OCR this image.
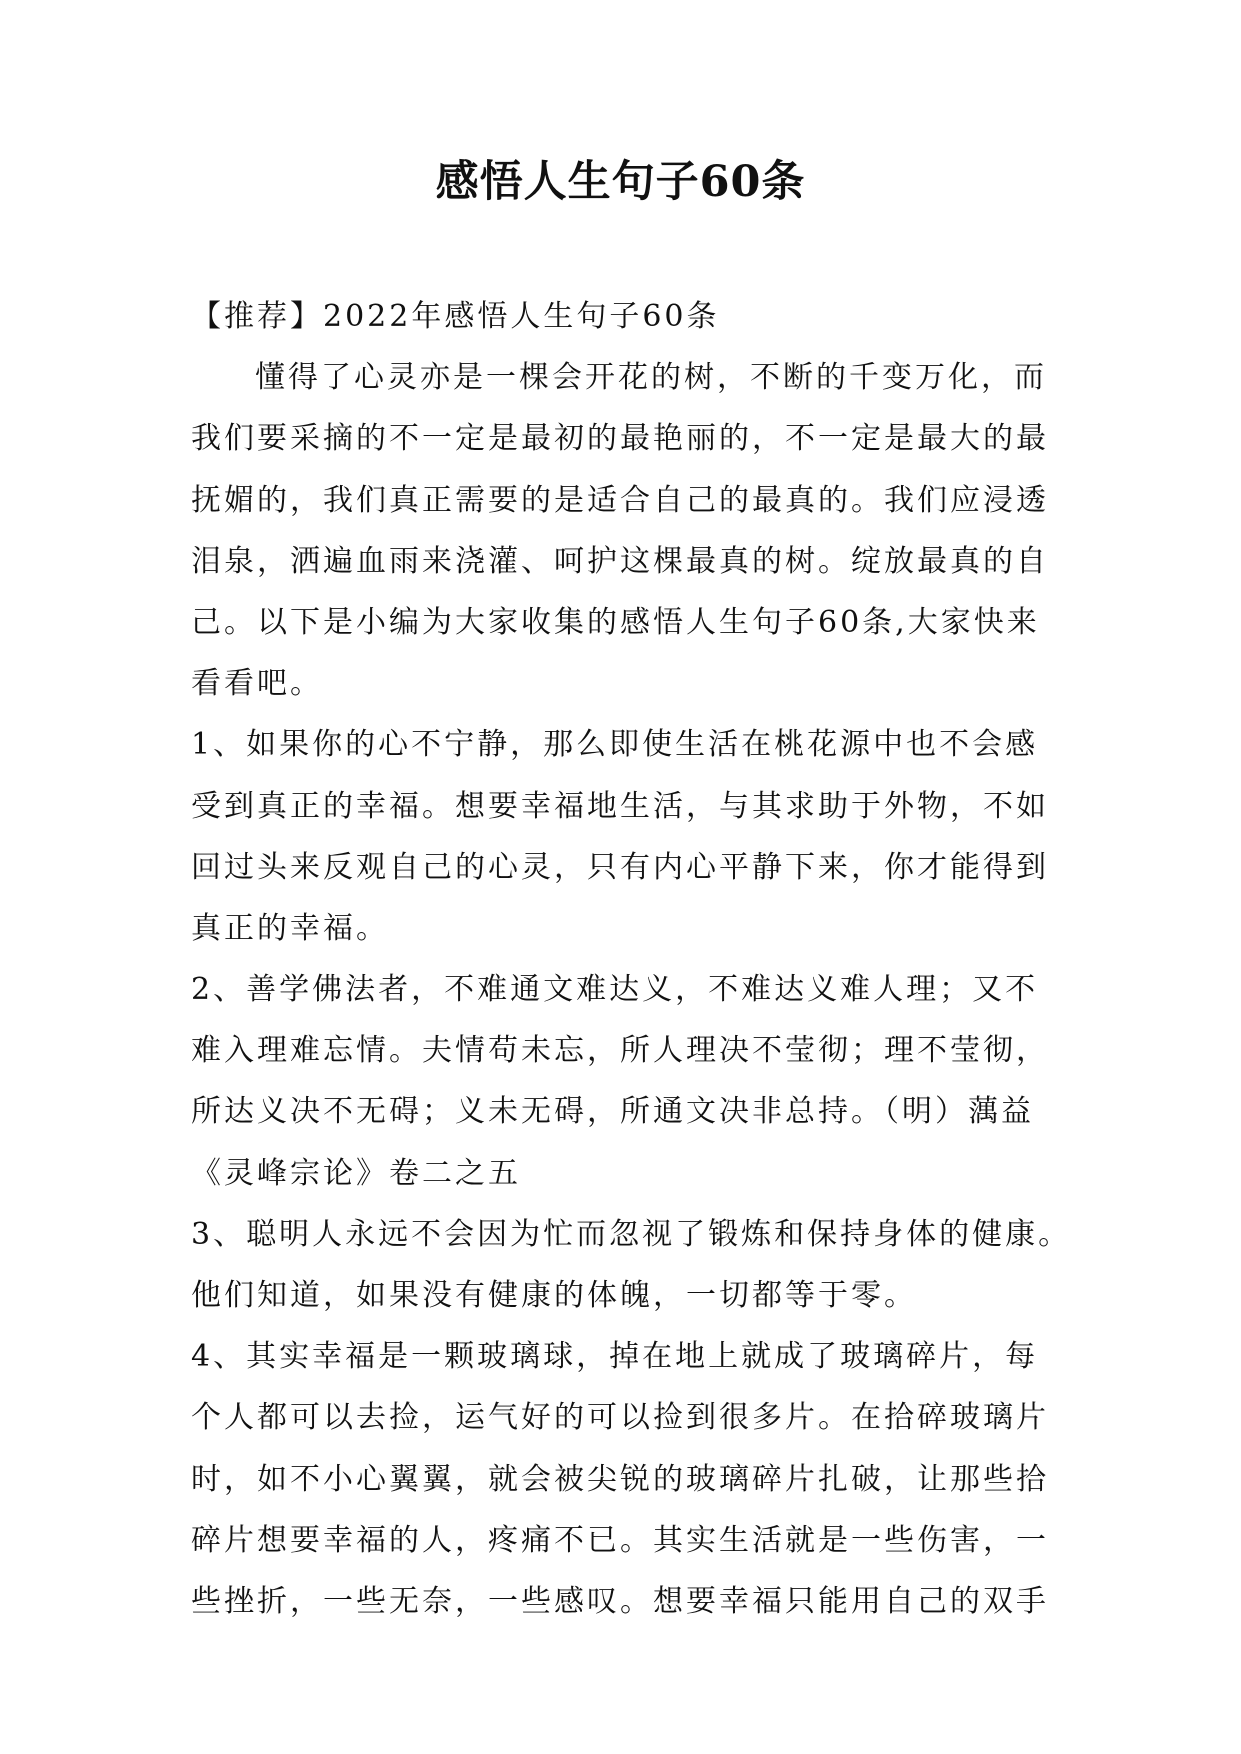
感悟人生句子60条
【推荐】2022年感悟人生句子60条
懂得了心灵亦是一棵会开花的树，不断的千变万化，而
我们要采摘的不一定是最初的最艳丽的，不一定是最大的最
抚媚的，我们真正需要的是适合自己的最真的。我们应浸透
泪泉，洒遍血雨来浇灌、呵护这棵最真的树。绽放最真的自
己。以下是小编为大家收集的感悟人生句子60条,大家快来
看看吧。
1、如果你的心不宁静，那么即使生活在桃花源中也不会感
受到真正的幸福。想要幸福地生活，与其求助于外物，不如
回过头来反观自己的心灵，只有内心平静下来，你才能得到
真正的幸福。
2、善学佛法者，不难通文难达义，不难达义难人理；又不
难入理难忘情。夫情苟未忘，所人理决不莹彻；理不莹彻，
所达义决不无碍；义未无碍，所通文决非总持。（明）蕅益
《灵峰宗论》卷二之五
3、聪明人永远不会因为忙而忽视了锻炼和保持身体的健康。
他们知道，如果没有健康的体魄，一切都等于零。
4、其实幸福是一颗玻璃球，掉在地上就成了玻璃碎片，每
个人都可以去捡，运气好的可以捡到很多片。在拾碎玻璃片
时，如不小心翼翼，就会被尖锐的玻璃碎片扎破，让那些拾
碎片想要幸福的人，疼痛不已。其实生活就是一些伤害，一
些挫折，一些无奈，一些感叹。想要幸福只能用自己的双手
